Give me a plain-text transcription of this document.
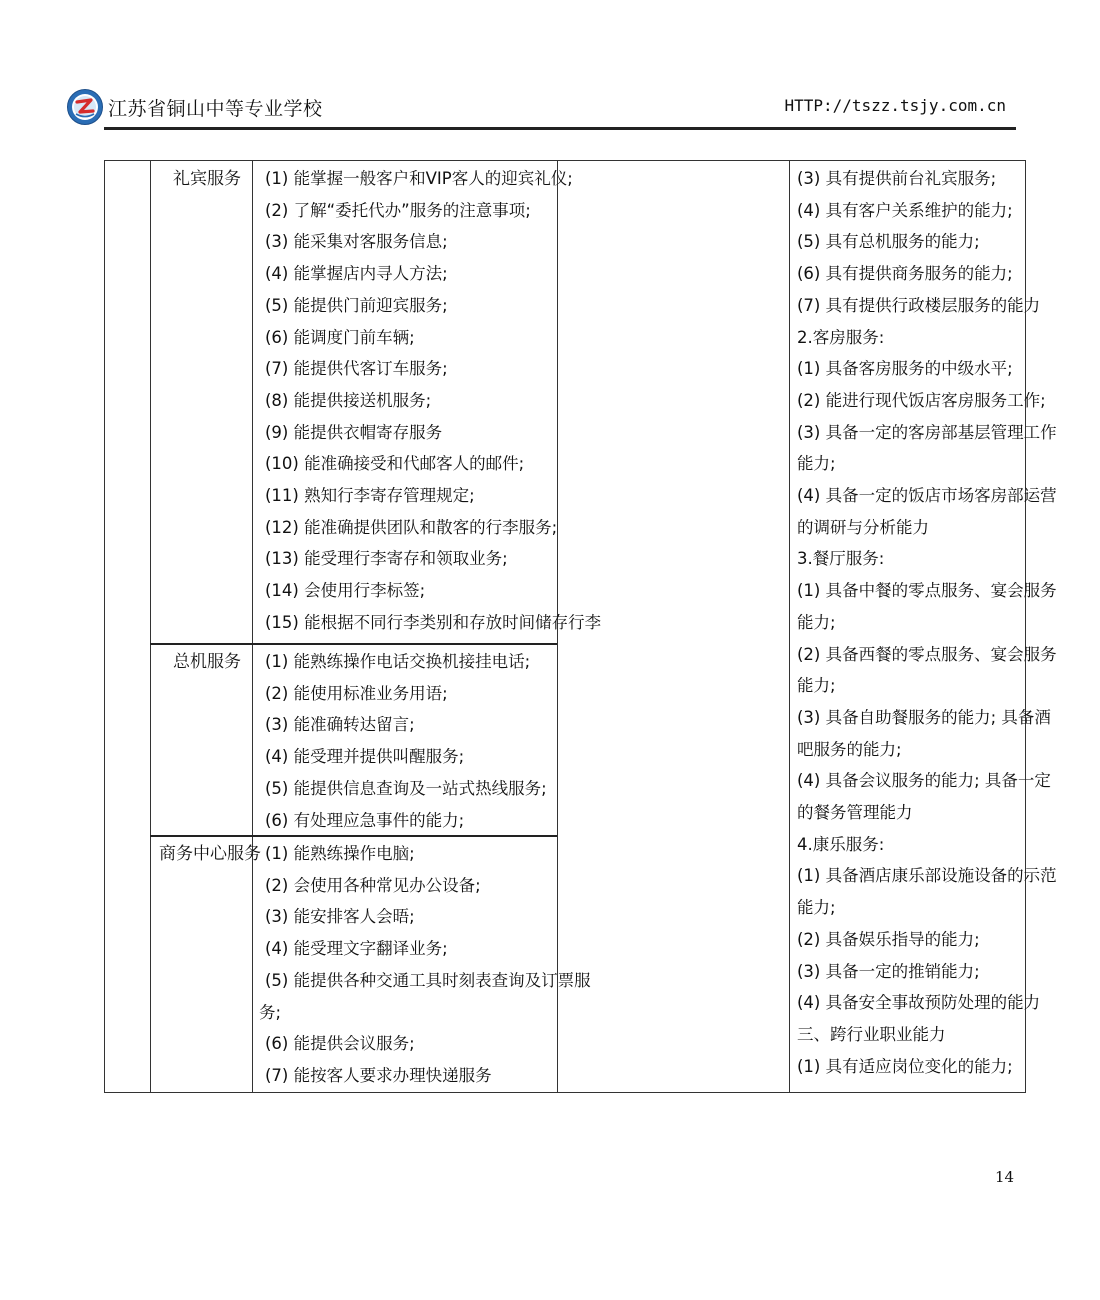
江苏省铜山中等专业学校	HTTP://tszz.tsjy.com.cn
礼宾服务
总机服务
商务中心服务
(1) 能掌握一般客户和VIP客人的迎宾礼仪;
(2) 了解“委托代办”服务的注意事项;
(3) 能采集对客服务信息;
(4) 能掌握店内寻人方法;
(5) 能提供门前迎宾服务;
(6) 能调度门前车辆;
(7) 能提供代客订车服务;
(8) 能提供接送机服务;
(9) 能提供衣帽寄存服务
(10) 能准确接受和代邮客人的邮件;
(11) 熟知行李寄存管理规定;
(12) 能准确提供团队和散客的行李服务;
(13) 能受理行李寄存和领取业务;
(14) 会使用行李标签;
(15) 能根据不同行李类别和存放时间储存行李
(1) 能熟练操作电话交换机接挂电话;
(2) 能使用标准业务用语;
(3) 能准确转达留言;
(4) 能受理并提供叫醒服务;
(5) 能提供信息查询及一站式热线服务;
(6) 有处理应急事件的能力;
(1) 能熟练操作电脑;
(2) 会使用各种常见办公设备;
(3) 能安排客人会晤;
(4) 能受理文字翻译业务;
(5) 能提供各种交通工具时刻表查询及订票服
务;
(6) 能提供会议服务;
(7) 能按客人要求办理快递服务
(3) 具有提供前台礼宾服务;
(4) 具有客户关系维护的能力;
(5) 具有总机服务的能力;
(6) 具有提供商务服务的能力;
(7) 具有提供行政楼层服务的能力
2.客房服务:
(1) 具备客房服务的中级水平;
(2) 能进行现代饭店客房服务工作;
(3) 具备一定的客房部基层管理工作
能力;
(4) 具备一定的饭店市场客房部运营
的调研与分析能力
3.餐厅服务:
(1) 具备中餐的零点服务、宴会服务
能力;
(2) 具备西餐的零点服务、宴会服务
能力;
(3) 具备自助餐服务的能力; 具备酒
吧服务的能力;
(4) 具备会议服务的能力; 具备一定
的餐务管理能力
4.康乐服务:
(1) 具备酒店康乐部设施设备的示范
能力;
(2) 具备娱乐指导的能力;
(3) 具备一定的推销能力;
(4) 具备安全事故预防处理的能力
三、跨行业职业能力
(1) 具有适应岗位变化的能力;
14
